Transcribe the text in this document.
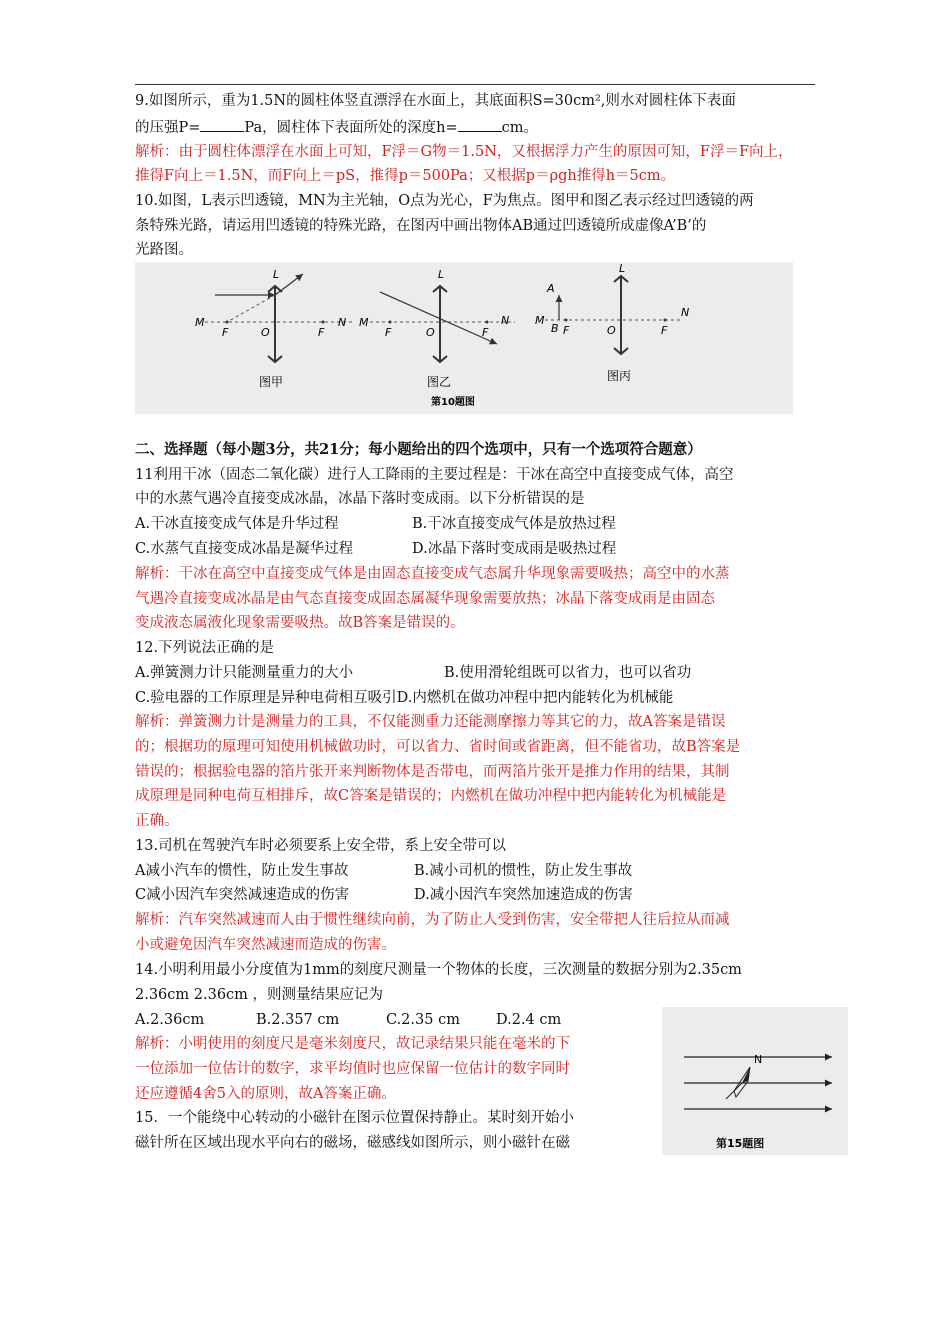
9.如图所示，重为1.5N的圆柱体竖直漂浮在水面上，其底面积S=30cm²,则水对圆柱体下表面
的压强P=	Pa，圆柱体下表面所处的深度h=	cm。
解析：由于圆柱体漂浮在水面上可知，F浮＝G物＝1.5N，又根据浮力产生的原因可知，F浮＝F向上，
推得F向上＝1.5N，而F向上＝pS，推得p＝500Pa；又根据p＝ρgh推得h＝5cm。
10.如图，L表示凹透镜，MN为主光轴，O点为光心，F为焦点。图甲和图乙表示经过凹透镜的两
条特殊光路，请运用凹透镜的特殊光路，在图丙中画出物体AB通过凹透镜所成虚像A’B’的
光路图。
M
L
F	O	F
N
图甲
M
L
F	O	F
N
图乙
A
M
B F
L
O	F
N
图丙
第10题图
二、选择题（每小题3分，共21分；每小题给出的四个选项中，只有一个选项符合题意）
11利用干冰（固态二氧化碳）进行人工降雨的主要过程是：干冰在高空中直接变成气体，高空
中的水蒸气遇冷直接变成冰晶，冰晶下落时变成雨。以下分析错误的是
A.干冰直接变成气体是升华过程	B.干冰直接变成气体是放热过程
C.水蒸气直接变成冰晶是凝华过程	D.冰晶下落时变成雨是吸热过程
解析：干冰在高空中直接变成气体是由固态直接变成气态属升华现象需要吸热；高空中的水蒸
气遇冷直接变成冰晶是由气态直接变成固态属凝华现象需要放热；冰晶下落变成雨是由固态
变成液态属液化现象需要吸热。故B答案是错误的。
12.下列说法正确的是
A.弹簧测力计只能测量重力的大小	B.使用滑轮组既可以省力，也可以省功
C.验电器的工作原理是异种电荷相互吸引D.内燃机在做功冲程中把内能转化为机械能
解析：弹簧测力计是测量力的工具，不仅能测重力还能测摩擦力等其它的力，故A答案是错误
的；根据功的原理可知使用机械做功时，可以省力、省时间或省距离，但不能省功，故B答案是
错误的；根据验电器的箔片张开来判断物体是否带电，而两箔片张开是推力作用的结果，其制
成原理是同种电荷互相排斥，故C答案是错误的；内燃机在做功冲程中把内能转化为机械能是
正确。
13.司机在驾驶汽车时必须要系上安全带，系上安全带可以
A减小汽车的惯性，防止发生事故	B.减小司机的惯性，防止发生事故
C减小因汽车突然减速造成的伤害	D.减小因汽车突然加速造成的伤害
解析：汽车突然减速而人由于惯性继续向前，为了防止人受到伤害，安全带把人往后拉从而减
小或避免因汽车突然减速而造成的伤害。
14.小明利用最小分度值为1mm的刻度尺测量一个物体的长度，三次测量的数据分别为2.35cm
2.36cm 2.36cm ，则测量结果应记为
A.2.36cm	B.2.357 cm	C.2.35 cm D.2.4 cm
解析：小明使用的刻度尺是毫米刻度尺，故记录结果只能在毫米的下
一位添加一位估计的数字，求平均值时也应保留一位估计的数字同时
还应遵循4舍5入的原则，故A答案正确。
15．一个能绕中心转动的小磁针在图示位置保持静止。某时刻开始小
磁针所在区域出现水平向右的磁场，磁感线如图所示，则小磁针在磁
N
第15题图
